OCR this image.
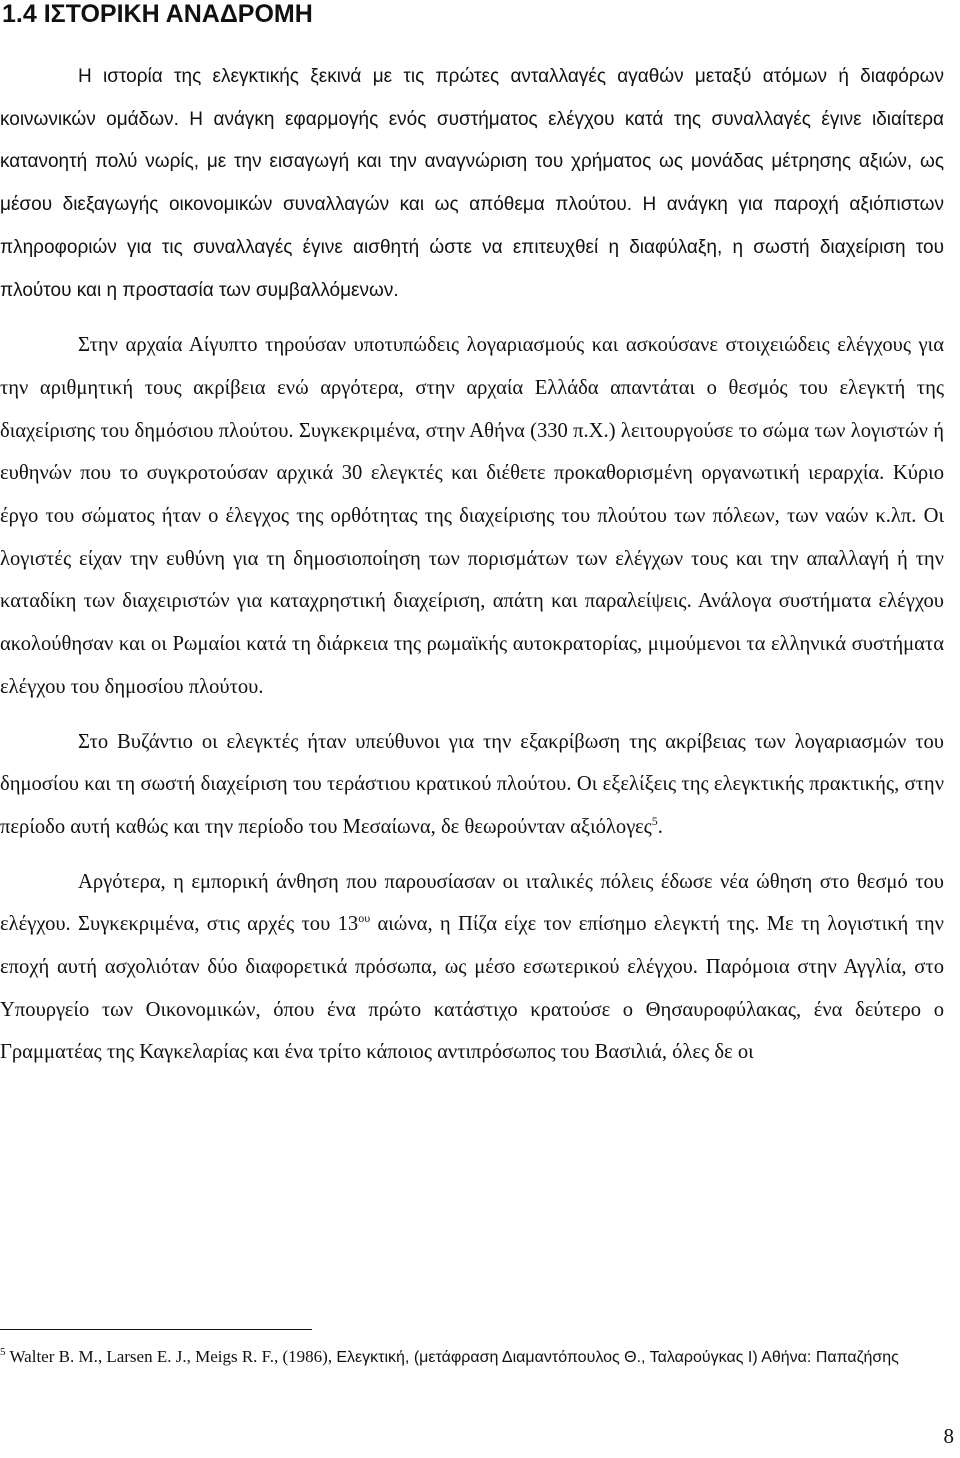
1.4 ΙΣΤΟΡΙΚΗ ΑΝΑΔΡΟΜΗ

Η ιστορία της ελεγκτικής ξεκινά με τις πρώτες ανταλλαγές αγαθών μεταξύ ατόμων ή διαφόρων κοινωνικών ομάδων. Η ανάγκη εφαρμογής ενός συστήματος ελέγχου κατά της συναλλαγές έγινε ιδιαίτερα κατανοητή πολύ νωρίς, με την εισαγωγή και την αναγνώριση του χρήματος ως μονάδας μέτρησης αξιών, ως μέσου διεξαγωγής οικονομικών συναλλαγών και ως απόθεμα πλούτου. Η ανάγκη για παροχή αξιόπιστων πληροφοριών για τις συναλλαγές έγινε αισθητή ώστε να επιτευχθεί η διαφύλαξη, η σωστή διαχείριση του πλούτου και η προστασία των συμβαλλόμενων.

Στην αρχαία Αίγυπτο τηρούσαν υποτυπώδεις λογαριασμούς και ασκούσανε στοιχειώδεις ελέγχους για την αριθμητική τους ακρίβεια ενώ αργότερα, στην αρχαία Ελλάδα απαντάται ο θεσμός του ελεγκτή της διαχείρισης του δημόσιου πλούτου. Συγκεκριμένα, στην Αθήνα (330 π.Χ.) λειτουργούσε το σώμα των λογιστών ή ευθηνών που το συγκροτούσαν αρχικά 30 ελεγκτές και διέθετε προκαθορισμένη οργανωτική ιεραρχία. Κύριο έργο του σώματος ήταν ο έλεγχος της ορθότητας της διαχείρισης του πλούτου των πόλεων, των ναών κ.λπ. Οι λογιστές είχαν την ευθύνη για τη δημοσιοποίηση των πορισμάτων των ελέγχων τους και την απαλλαγή ή την καταδίκη των διαχειριστών για καταχρηστική διαχείριση, απάτη και παραλείψεις. Ανάλογα συστήματα ελέγχου ακολούθησαν και οι Ρωμαίοι κατά τη διάρκεια της ρωμαϊκής αυτοκρατορίας, μιμούμενοι τα ελληνικά συστήματα ελέγχου του δημοσίου πλούτου.

Στο Βυζάντιο οι ελεγκτές ήταν υπεύθυνοι για την εξακρίβωση της ακρίβειας των λογαριασμών του δημοσίου και τη σωστή διαχείριση του τεράστιου κρατικού πλούτου. Οι εξελίξεις της ελεγκτικής πρακτικής, στην περίοδο αυτή καθώς και την περίοδο του Μεσαίωνα, δε θεωρούνταν αξιόλογες$^5$.

Αργότερα, η εμπορική άνθηση που παρουσίασαν οι ιταλικές πόλεις έδωσε νέα ώθηση στο θεσμό του ελέγχου. Συγκεκριμένα, στις αρχές του $13^{o\upsilon}$ αιώνα, η Πίζα είχε τον επίσημο ελεγκτή της. Με τη λογιστική την εποχή αυτή ασχολιόταν δύο διαφορετικά πρόσωπα, ως μέσο εσωτερικού ελέγχου. Παρόμοια στην Αγγλία, στο Υπουργείο των Οικονομικών, όπου ένα πρώτο κατάστιχο κρατούσε ο Θησαυροφύλακας, ένα δεύτερο ο Γραμματέας της Καγκελαρίας και ένα τρίτο κάποιος αντιπρόσωπος του Βασιλιά, όλες δε οι

$^5$ Walter B. M., Larsen E. J., Meigs R. F., (1986), Ελεγκτική, (μετάφραση Διαμαντόπουλος Θ., Ταλαρούγκας Ι) Αθήνα: Παπαζήσης

8
